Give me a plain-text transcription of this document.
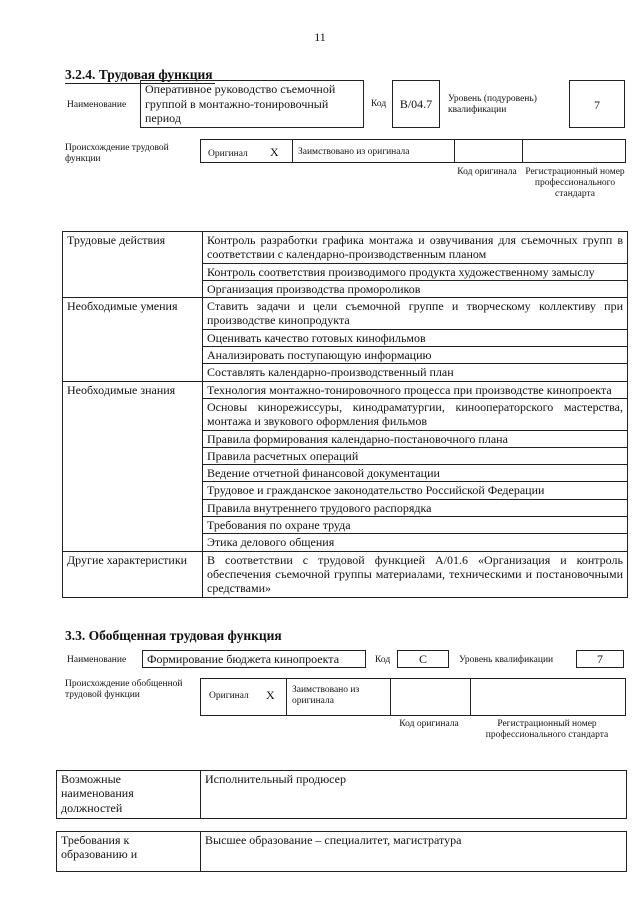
11
3.2.4. Трудовая функция
Наименование
Оперативное руководство съемочной группой в монтажно-тонировочный период
Код	B/04.7	Уровень (подуровень) квалификации	7
Происхождение трудовой функции	Оригинал X Заимствовано из оригинала
Код оригинала Регистрационный номер профессионального стандарта
Трудовые действия	Контроль разработки графика монтажа и озвучивания для съемочных групп в соответствии с календарно-производственным планом
	Контроль соответствия производимого продукта художественному замыслу
	Организация производства промороликов
Необходимые умения	Ставить задачи и цели съемочной группе и творческому коллективу при производстве кинопродукта
	Оценивать качество готовых кинофильмов
	Анализировать поступающую информацию
	Составлять календарно-производственный план
Необходимые знания	Технология монтажно-тонировочного процесса при производстве кинопроекта
	Основы кинорежиссуры, кинодраматургии, кинооператорского мастерства, монтажа и звукового оформления фильмов
	Правила формирования календарно-постановочного плана
	Правила расчетных операций
	Ведение отчетной финансовой документации
	Трудовое и гражданское законодательство Российской Федерации
	Правила внутреннего трудового распорядка
	Требования по охране труда
	Этика делового общения
Другие характеристики	В соответствии с трудовой функцией А/01.6 «Организация и контроль обеспечения съемочной группы материалами, техническими и постановочными средствами»
3.3. Обобщенная трудовая функция
Наименование	Формирование бюджета кинопроекта	Код	C	Уровень квалификации	7
Происхождение обобщенной трудовой функции	Оригинал X Заимствовано из оригинала
Код оригинала	Регистрационный номер профессионального стандарта
Возможные наименования должностей	Исполнительный продюсер
Требования к образованию и	Высшее образование – специалитет, магистратура
